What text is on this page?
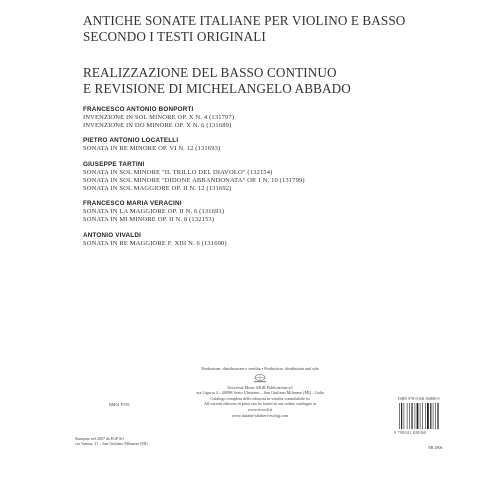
ANTICHE SONATE ITALIANE PER VIOLINO E BASSO
SECONDO I TESTI ORIGINALI
REALIZZAZIONE DEL BASSO CONTINUO
E REVISIONE DI MICHELANGELO ABBADO
FRANCESCO ANTONIO BONPORTI
INVENZIONE IN SOL MINORE OP. X N. 4 (131797)
INVENZIONE IN DO MINORE OP. X N. 6 (131689)
PIETRO ANTONIO LOCATELLI
SONATA IN RE MINORE OP. VI N. 12 (131693)
GIUSEPPE TARTINI
SONATA IN SOL MINORE "IL TRILLO DEL DIAVOLO" (132154)
SONATA IN SOL MINORE "DIDONE ABBANDONATA" OP. I N. 10 (131799)
SONATA IN SOL MAGGIORE OP. II N. 12 (131692)
FRANCESCO MARIA VERACINI
SONATA IN LA MAGGIORE OP. II N. 6 (131691)
SONATA IN MI MINORE OP. II N. 8 (132153)
ANTONIO VIVALDI
SONATA IN RE MAGGIORE F. XIII N. 6 (131690)
Produzione, distribuzione e vendita • Production, distribution and sale
Universal Music MGB Publications srl
via Liguria 4 – 20098 Sesto Ulteriano – San Giuliano Milanese (MI) – Italia
Catalogo completo delle edizioni in vendita consultabile su
All current editions in print can be found in our online catalogue at
www.ricordi.it
www.durand-salabert-eschig.com
BM01 P159
Stampato nel 2007 da EGP Srl
via Vanosa, 21 – San Giuliano Milanese (MI)
ISBN 978-0-041-82806-0
9 790041 828060
NR 2806
